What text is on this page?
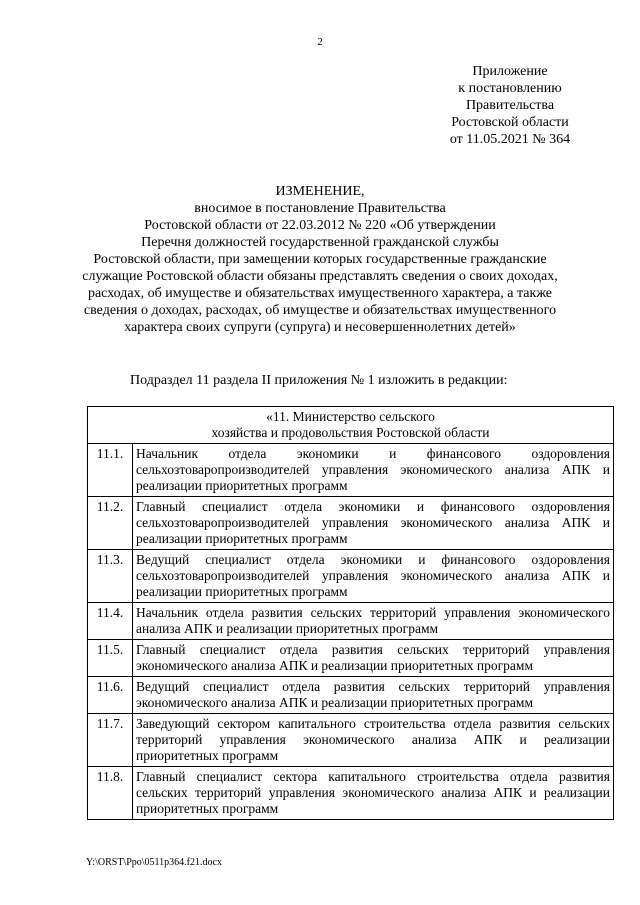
2
Приложение
к постановлению
Правительства
Ростовской области
от 11.05.2021 № 364
ИЗМЕНЕНИЕ,
вносимое в постановление Правительства
Ростовской области от 22.03.2012 № 220 «Об утверждении
Перечня должностей государственной гражданской службы
Ростовской области, при замещении которых государственные гражданские
служащие Ростовской области обязаны представлять сведения о своих доходах,
расходах, об имуществе и обязательствах имущественного характера, а также
сведения о доходах, расходах, об имуществе и обязательствах имущественного
характера своих супруги (супруга) и несовершеннолетних детей»
Подраздел 11 раздела II приложения № 1 изложить в редакции:
«11. Министерство сельского
хозяйства и продовольствия Ростовской области	

11.1.	Начальник отдела экономики и финансового оздоровления сельхозтоваропроизводителей управления экономического анализа АПК и реализации приоритетных программ
11.2.	Главный специалист отдела экономики и финансового оздоровления сельхозтоваропроизводителей управления экономического анализа АПК и реализации приоритетных программ
11.3.	Ведущий специалист отдела экономики и финансового оздоровления сельхозтоваропроизводителей управления экономического анализа АПК и реализации приоритетных программ
11.4.	Начальник отдела развития сельских территорий управления экономического анализа АПК и реализации приоритетных программ
11.5.	Главный специалист отдела развития сельских территорий управления экономического анализа АПК и реализации приоритетных программ
11.6.	Ведущий специалист отдела развития сельских территорий управления экономического анализа АПК и реализации приоритетных программ
11.7.	Заведующий сектором капитального строительства отдела развития сельских территорий управления экономического анализа АПК и реализации приоритетных программ
11.8.	Главный специалист сектора капитального строительства отдела развития сельских территорий управления экономического анализа АПК и реализации приоритетных программ
Y:\ORST\Ppo\0511p364.f21.docx
